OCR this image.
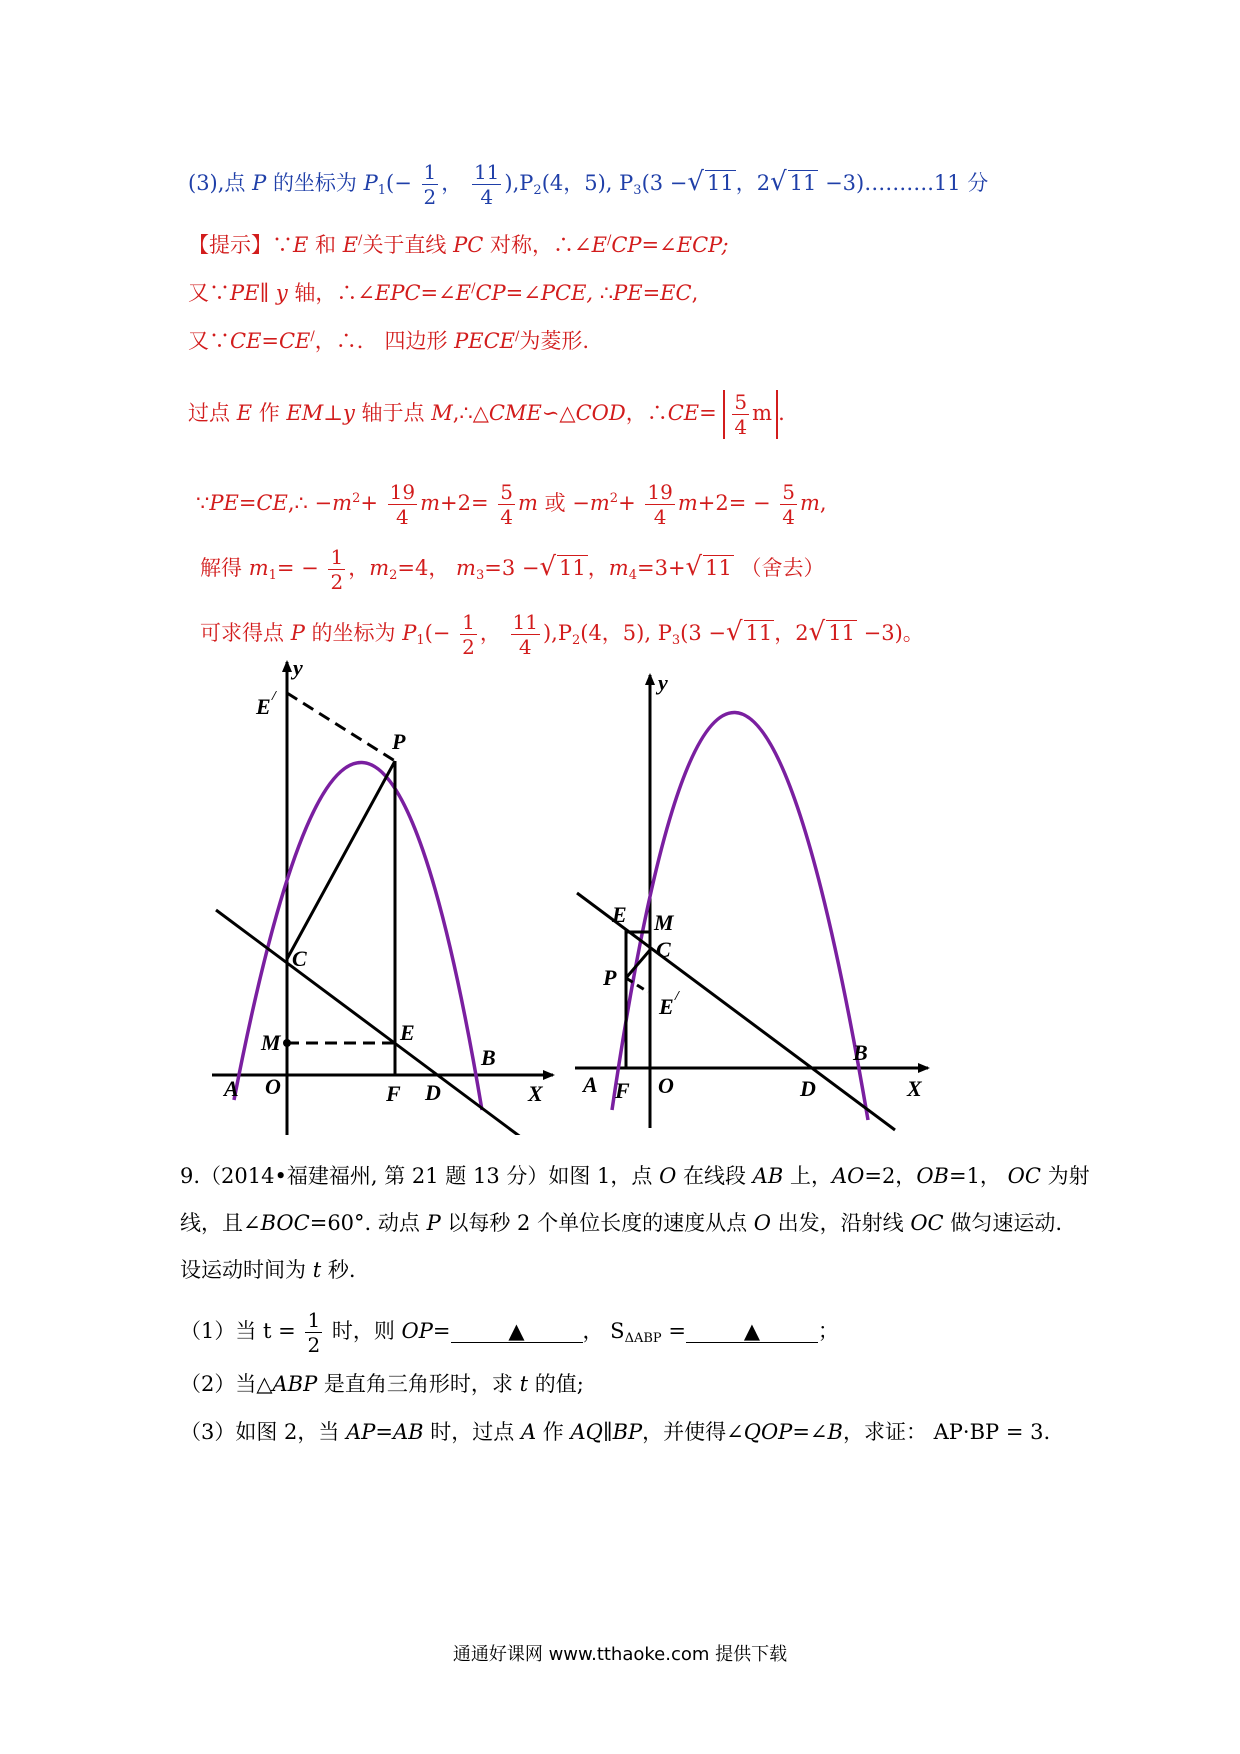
(3),点 P 的坐标为 $P_1(- \frac{1}{2}$ ， $\frac{11}{4} ),P_2(4$，5), $P_3(3$ −√ 11，2√ 11 −3)……….11 分
【提示】∵E 和 E/关于直线 PC 对称，∴∠E/CP=∠ECP;
又∵PE∥ y 轴，∴∠EPC=∠E/CP=∠PCE, ∴PE=EC,
又∵CE=CE/，∴． 四边形 PECE/为菱形.
过点 E 作 EM⊥y 轴于点 M,∴△CME∽△COD，∴CE= $\frac{5}{4}$ m .
∵PE=CE,∴ $-m^2+ \frac{19}{4} m+2= \frac{5}{4}$ m 或 $-m^2+ \frac{19}{4} m+2= - \frac{5}{4} m$,
解得 $m_1= - \frac{1}{2}$ ，$m_2=4$， $m_3=3$ −√ 11，$m_4=3+√$ 11 （舍去）
可求得点 P 的坐标为 $P_1(- \frac{1}{2}$ ， $\frac{11}{4} ),P_2(4$，5), $P_3(3$ −√ 11，2√ 11 −3)。
y
E /
P
C
M	E
B
A O	F D	X
y
E M
C
P
E /
B
A F O	D	X
9.（2014•福建福州, 第 21 题 13 分）如图 1，点 O 在线段 AB 上，AO=2，OB=1， OC 为射
线，且∠BOC=60°. 动点 P 以每秒 2 个单位长度的速度从点 O 出发，沿射线 OC 做匀速运动.
设运动时间为 t 秒.
（1）当 $t = \frac{1}{2}$ 时，则 OP=	▲	， $S_{\Delta ABP}$ =	▲	；
（2）当△ABP 是直角三角形时，求 t 的值;
（3）如图 2，当 AP=AB 时，过点 A 作 AQ∥BP，并使得∠QOP=∠B，求证： AP·BP = 3.
通通好课网 www.tthaoke.com 提供下载
